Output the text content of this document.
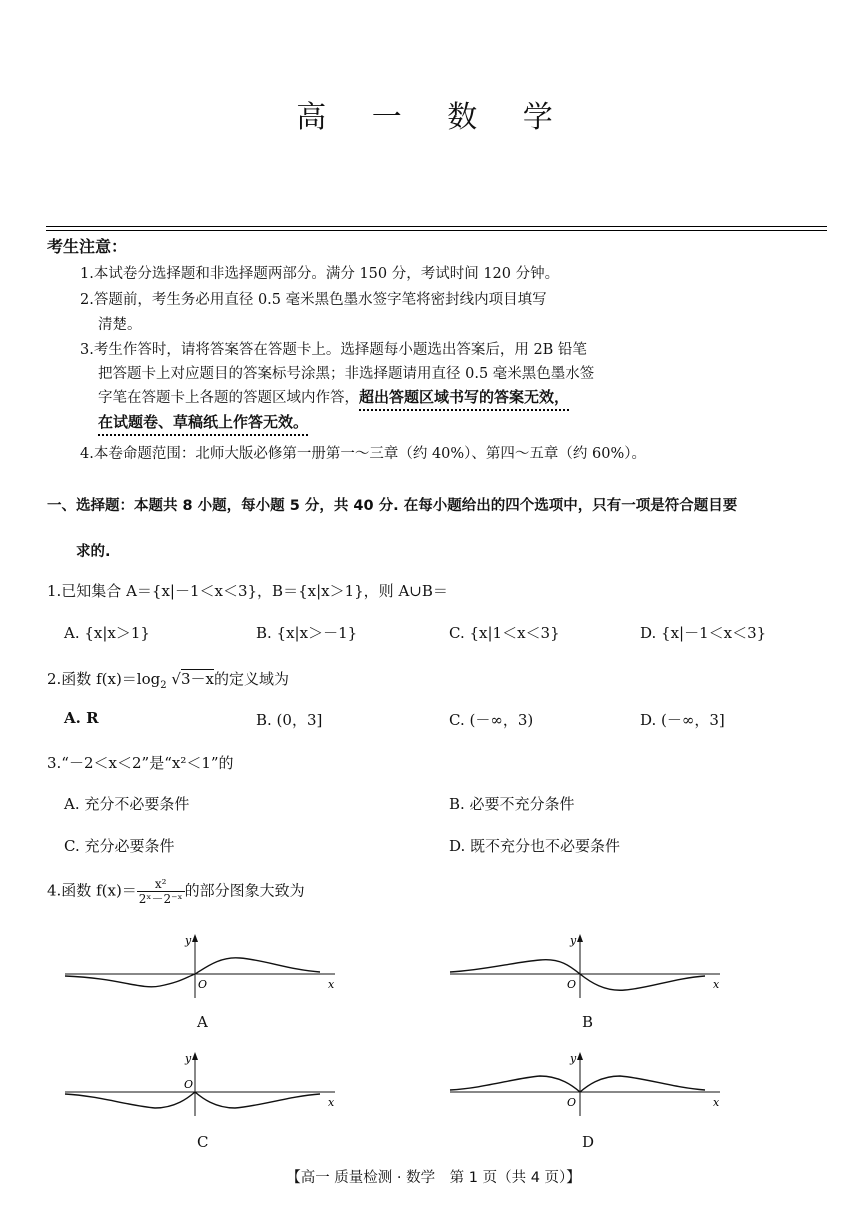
高 一 数 学
考生注意：
1.本试卷分选择题和非选择题两部分。满分 150 分，考试时间 120 分钟。
2.答题前，考生务必用直径 0.5 毫米黑色墨水签字笔将密封线内项目填写
清楚。
3.考生作答时，请将答案答在答题卡上。选择题每小题选出答案后，用 2B 铅笔
把答题卡上对应题目的答案标号涂黑；非选择题请用直径 0.5 毫米黑色墨水签
字笔在答题卡上各题的答题区域内作答，超出答题区域书写的答案无效，
在试题卷、草稿纸上作答无效。
4.本卷命题范围：北师大版必修第一册第一～三章（约 40%）、第四～五章（约 60%）。
一、选择题：本题共 8 小题，每小题 5 分，共 40 分. 在每小题给出的四个选项中，只有一项是符合题目要
求的.
1.已知集合 A＝{x|－1＜x＜3}，B＝{x|x＞1}，则 A∪B＝
A. {x|x＞1}	B. {x|x＞－1}	C. {x|1＜x＜3}	D. {x|－1＜x＜3}
2.函数 $f(x)=\log_2$ √3－x的定义域为
A. R	B. (0，3]	C. (－∞，3)	D. (－∞，3]
3.“－2＜x＜2”是“x²＜1”的
A. 充分不必要条件	B. 必要不充分条件
C. 充分必要条件	D. 既不充分也不必要条件
4.函数 $f(x)= \frac{\text{x²}}{\text{2ˣ－2⁻ˣ}}$ 的部分图象大致为
y
O	x
A
y
O	x
B
y
O
x
C
y
O	x
D
【高一 质量检测 · 数学　第 1 页（共 4 页）】
